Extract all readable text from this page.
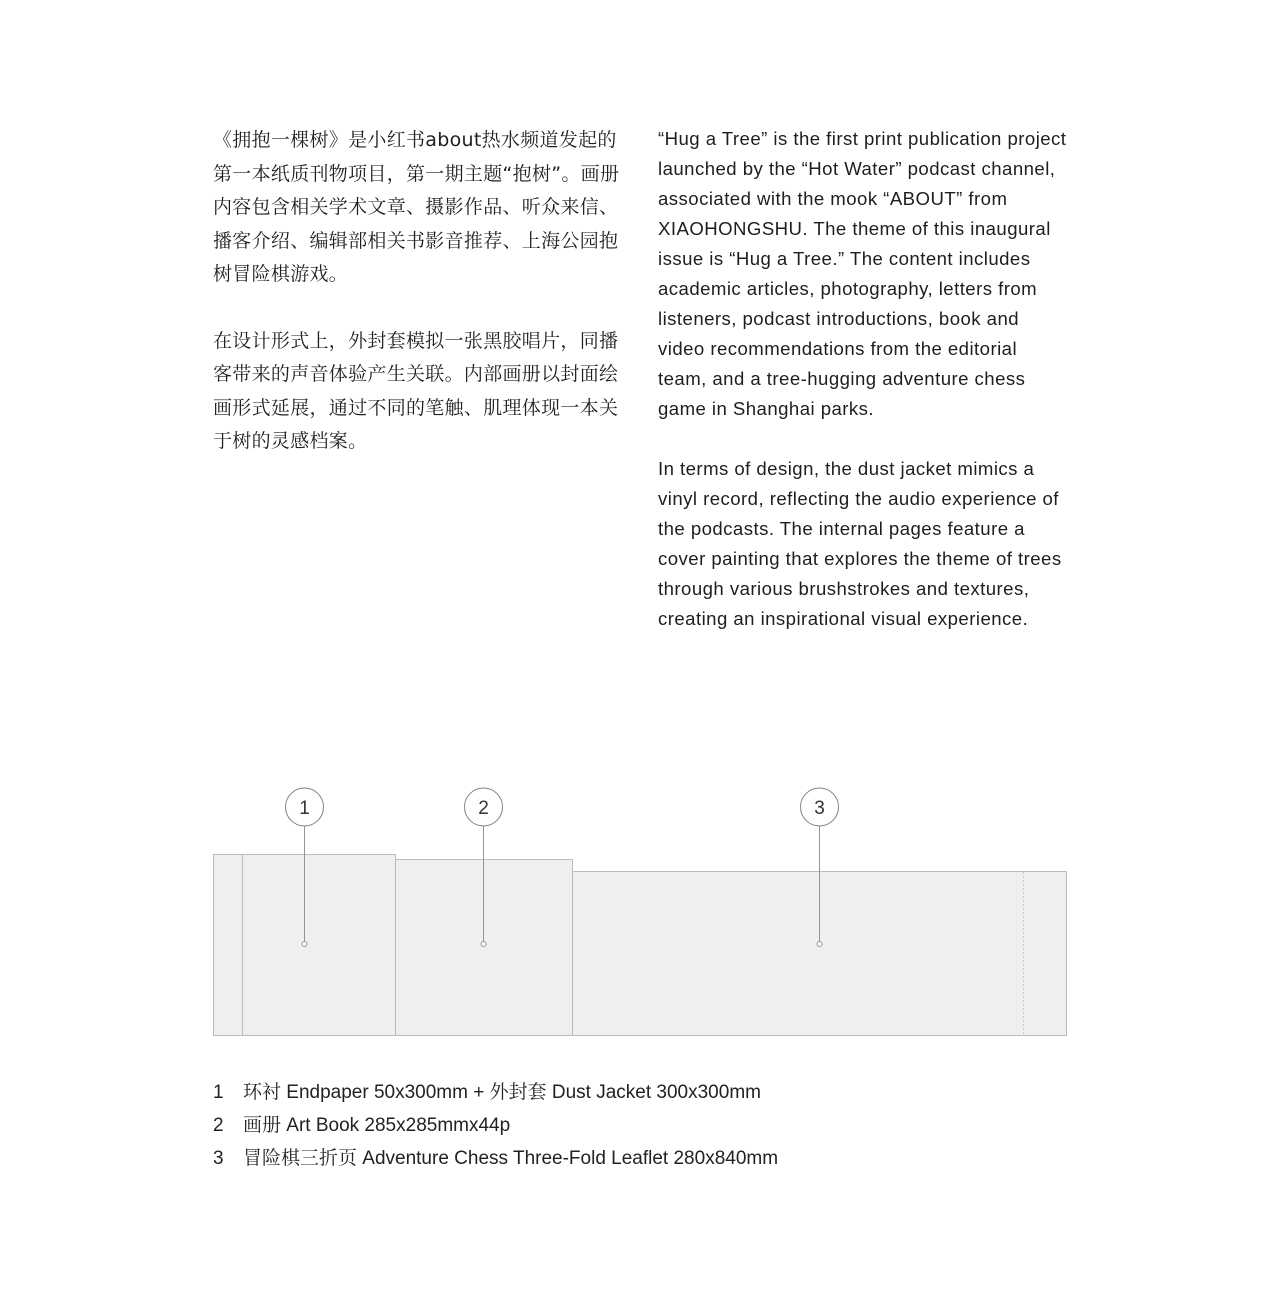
《拥抱一棵树》是小红书about热水频道发起的第一本纸质刊物项目，第一期主题“抱树”。画册内容包含相关学术文章、摄影作品、听众来信、播客介绍、编辑部相关书影音推荐、上海公园抱树冒险棋游戏。

在设计形式上，外封套模拟一张黑胶唱片，同播客带来的声音体验产生关联。内部画册以封面绘画形式延展，通过不同的笔触、肌理体现一本关于树的灵感档案。

“Hug a Tree” is the first print publication project launched by the “Hot Water” podcast channel, associated with the mook “ABOUT” from XIAOHONGSHU. The theme of this inaugural issue is “Hug a Tree.” The content includes academic articles, photography, letters from listeners, podcast introductions, book and video recommendations from the editorial team, and a tree-hugging adventure chess game in Shanghai parks.

In terms of design, the dust jacket mimics a vinyl record, reflecting the audio experience of the podcasts. The internal pages feature a cover painting that explores the theme of trees through various brushstrokes and textures, creating an inspirational visual experience.

1	2	3
1	环衬 Endpaper 50x300mm + 外封套 Dust Jacket 300x300mm
2	画册 Art Book 285x285mmx44p
3	冒险棋三折页 Adventure Chess Three-Fold Leaflet 280x840mm
